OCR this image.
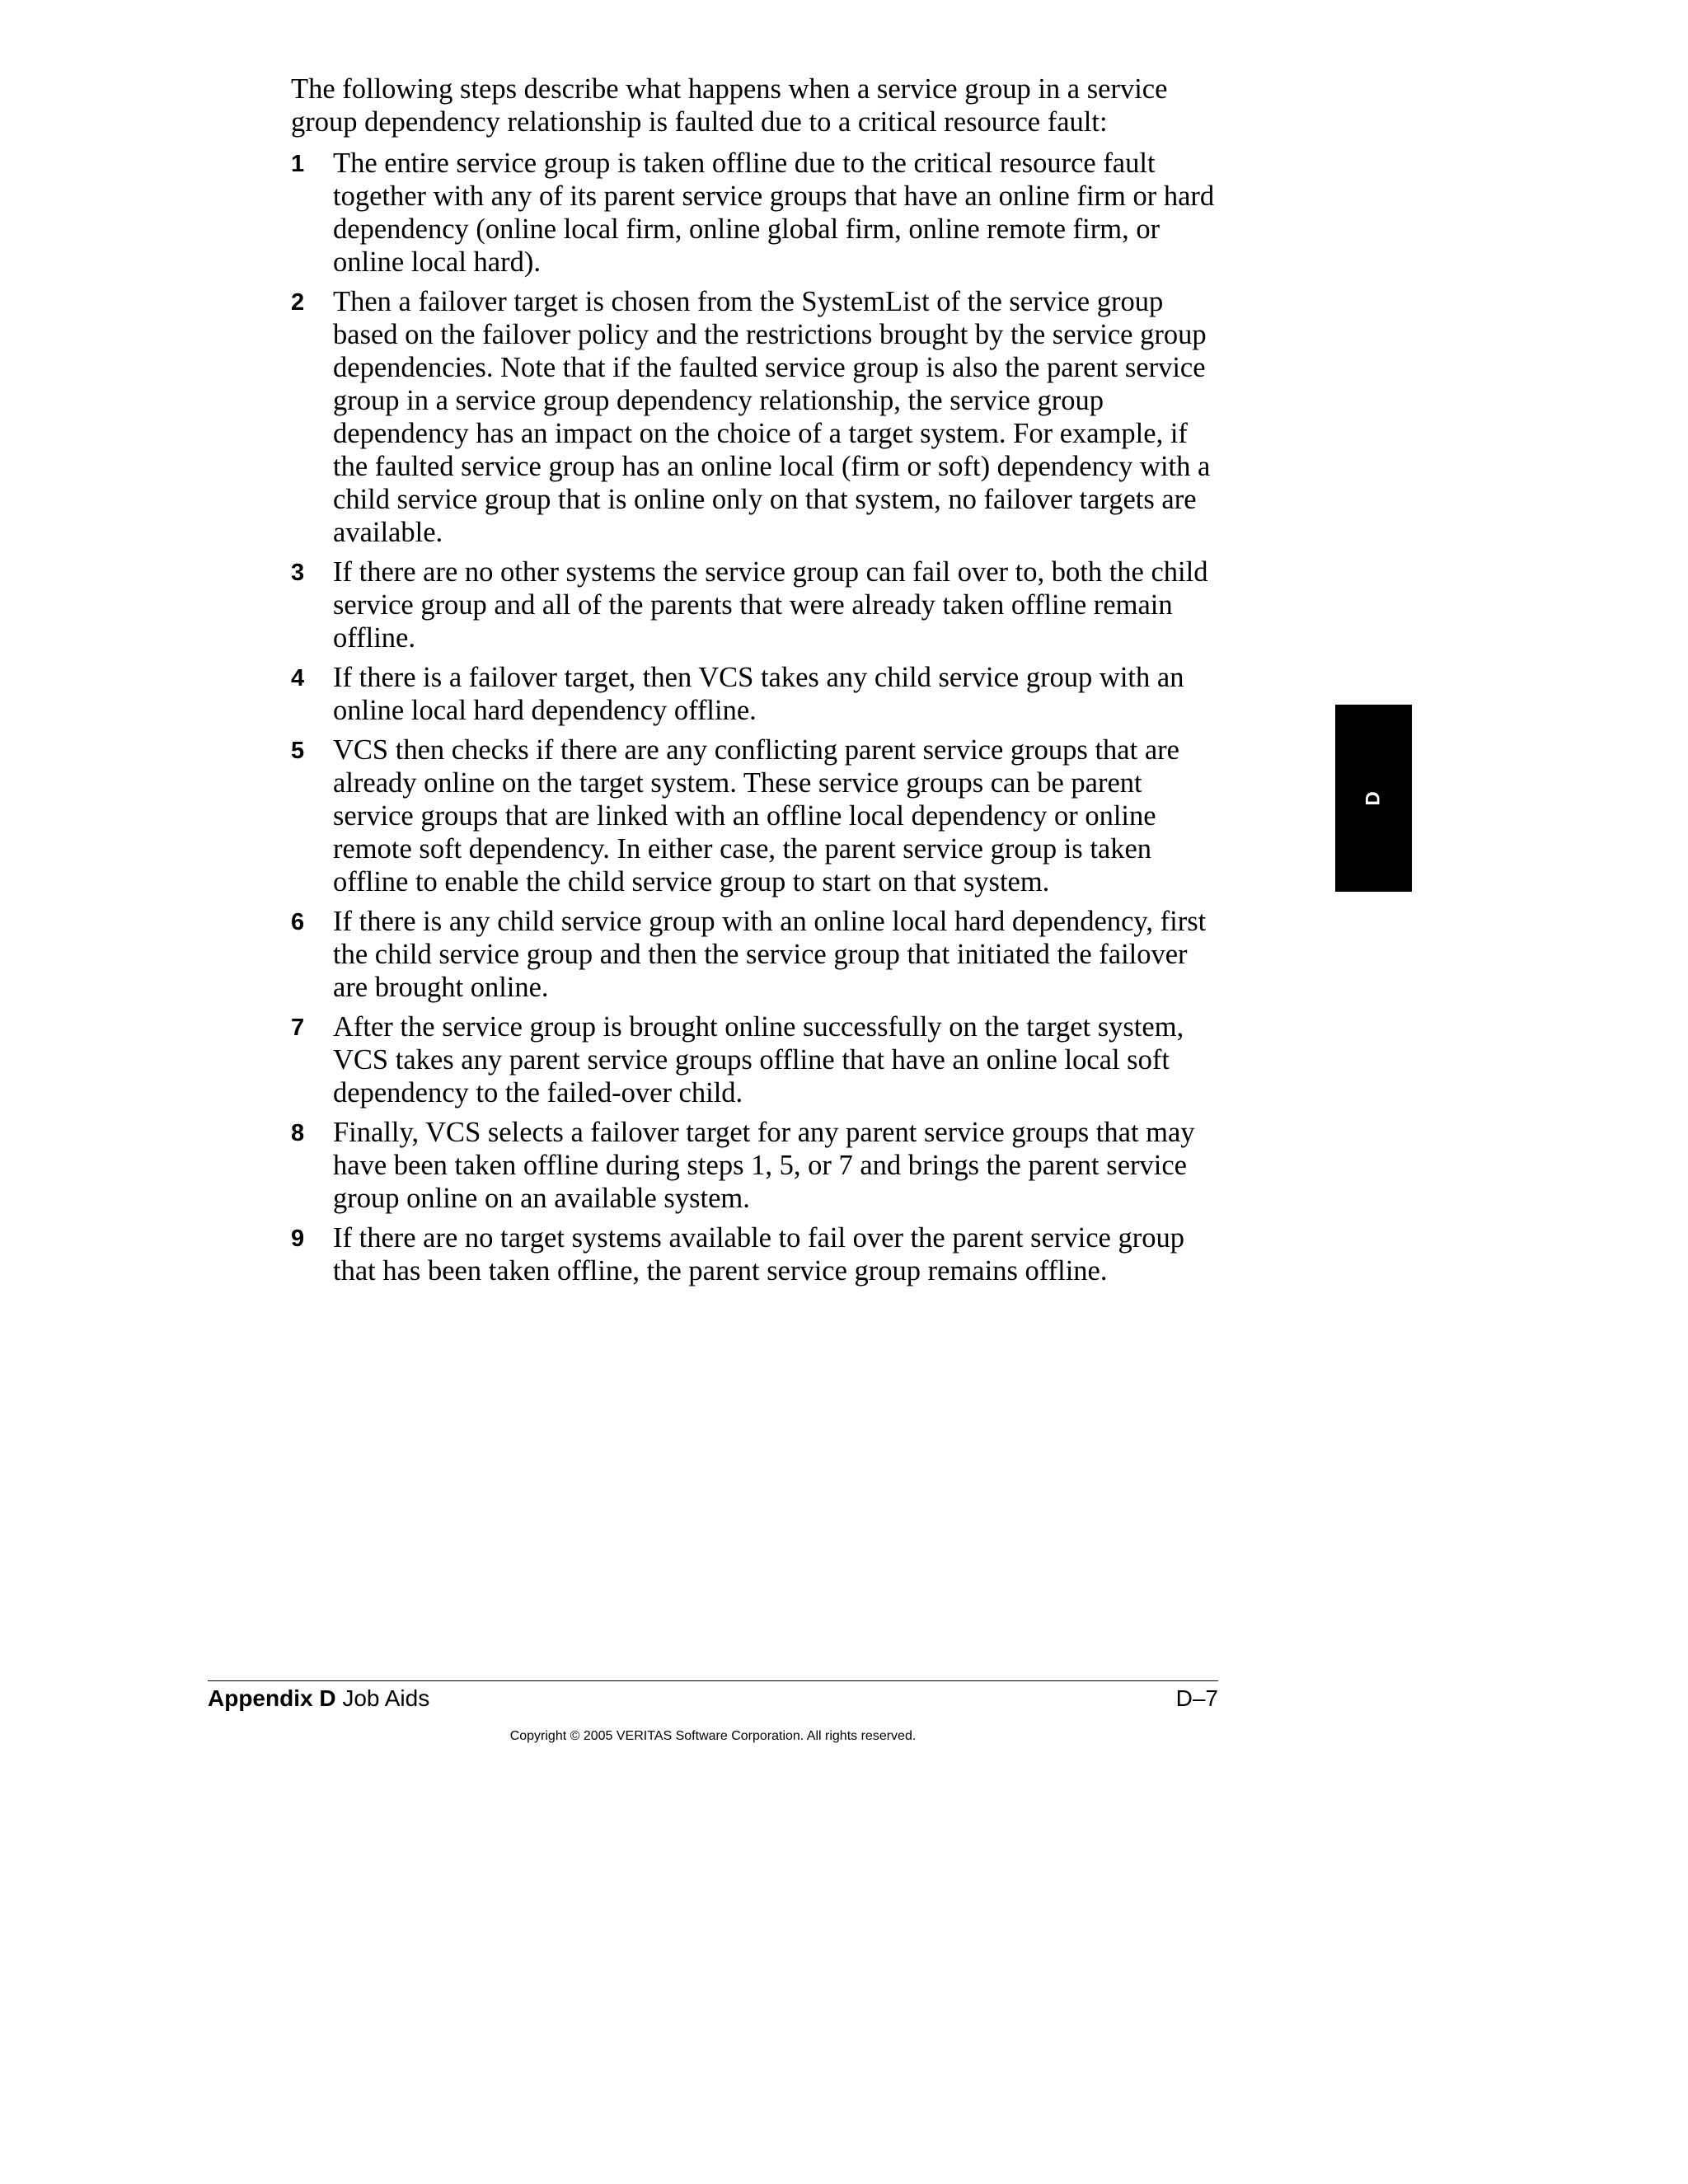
The following steps describe what happens when a service group in a service group dependency relationship is faulted due to a critical resource fault:

1 The entire service group is taken offline due to the critical resource fault together with any of its parent service groups that have an online firm or hard dependency (online local firm, online global firm, online remote firm, or online local hard).
2 Then a failover target is chosen from the SystemList of the service group based on the failover policy and the restrictions brought by the service group dependencies. Note that if the faulted service group is also the parent service group in a service group dependency relationship, the service group dependency has an impact on the choice of a target system. For example, if the faulted service group has an online local (firm or soft) dependency with a child service group that is online only on that system, no failover targets are available.
3 If there are no other systems the service group can fail over to, both the child service group and all of the parents that were already taken offline remain offline.
4 If there is a failover target, then VCS takes any child service group with an online local hard dependency offline.
5 VCS then checks if there are any conflicting parent service groups that are already online on the target system. These service groups can be parent service groups that are linked with an offline local dependency or online remote soft dependency. In either case, the parent service group is taken offline to enable the child service group to start on that system.
6 If there is any child service group with an online local hard dependency, first the child service group and then the service group that initiated the failover are brought online.
7 After the service group is brought online successfully on the target system, VCS takes any parent service groups offline that have an online local soft dependency to the failed-over child.
8 Finally, VCS selects a failover target for any parent service groups that may have been taken offline during steps 1, 5, or 7 and brings the parent service group online on an available system.
9 If there are no target systems available to fail over the parent service group that has been taken offline, the parent service group remains offline.
D
Appendix D Job Aids	D–7
Copyright © 2005 VERITAS Software Corporation. All rights reserved.
